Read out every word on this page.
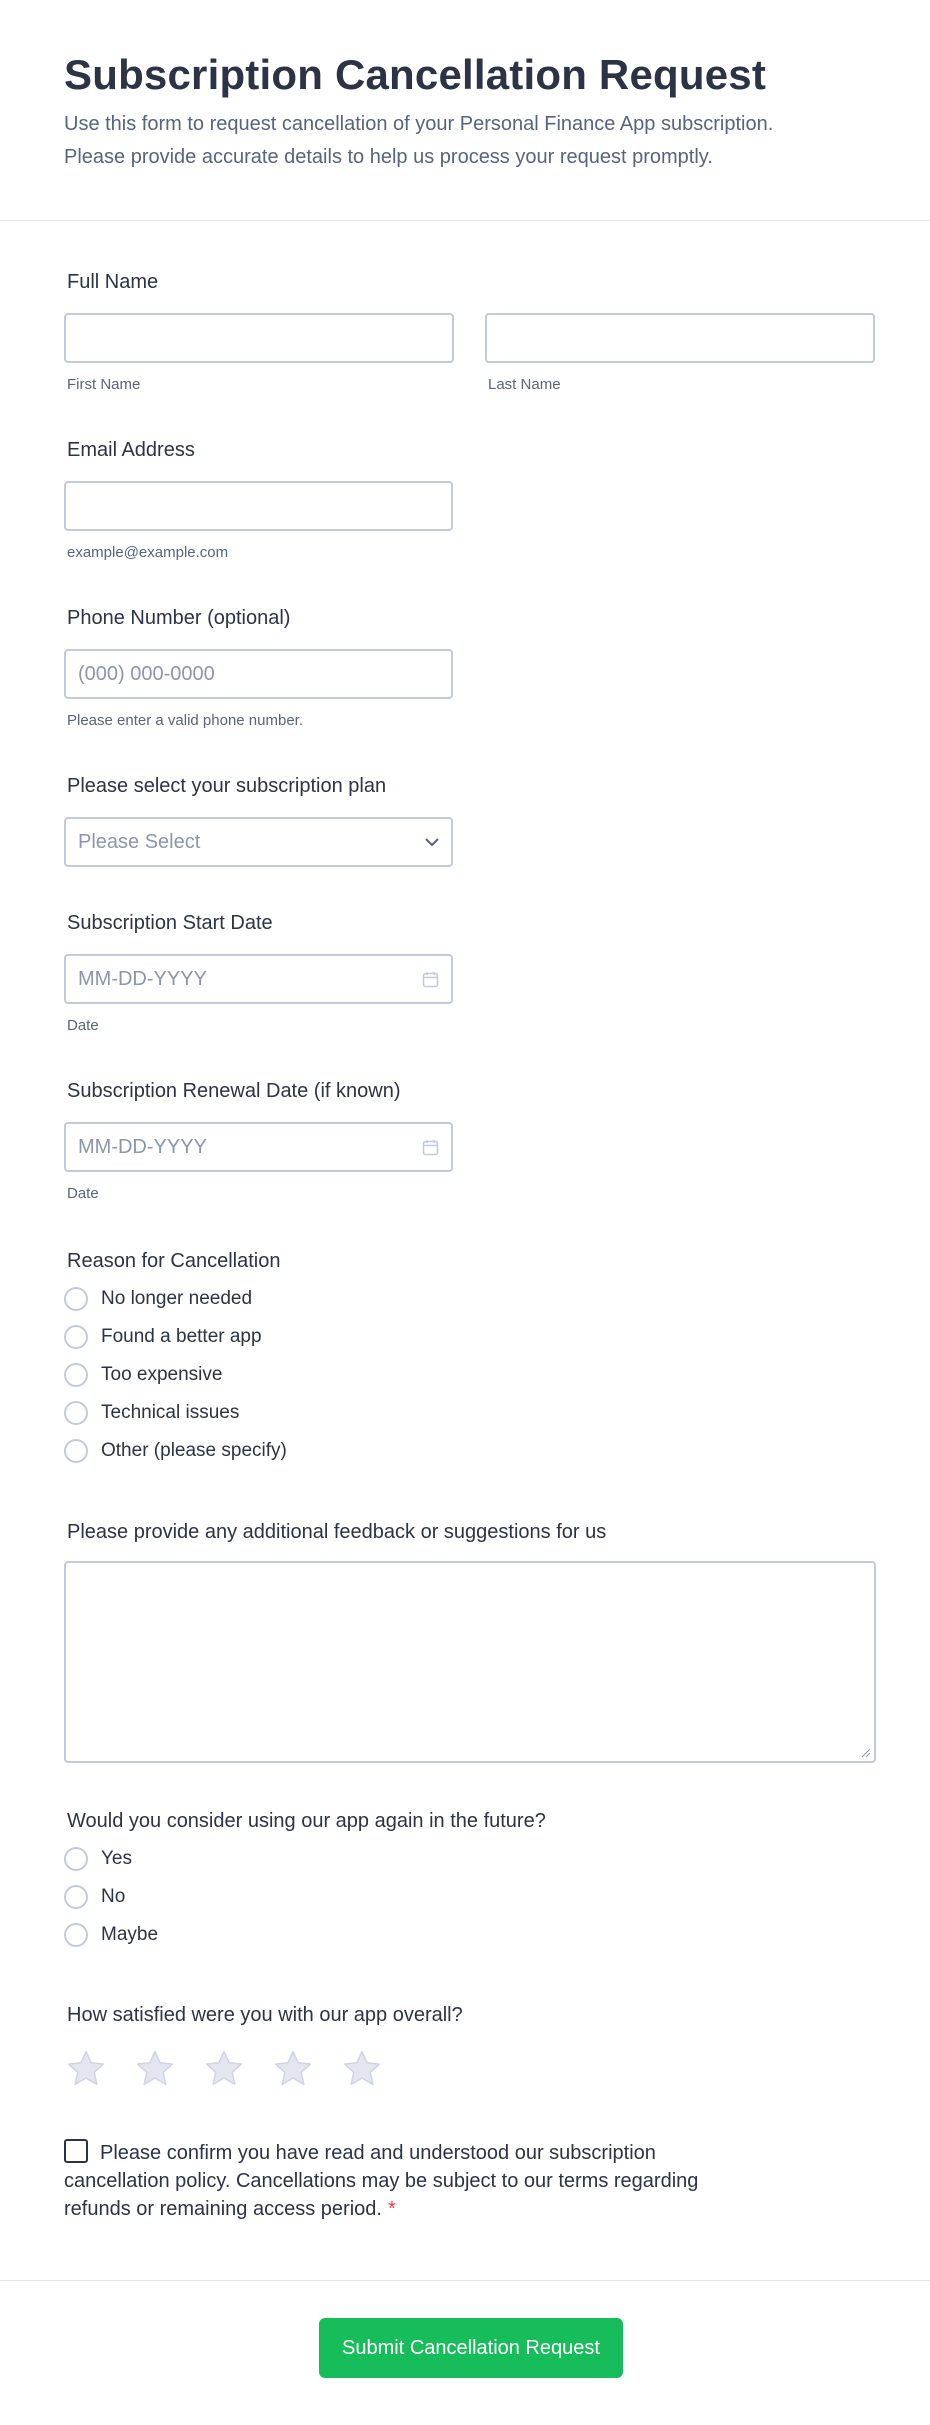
Subscription Cancellation Request

Use this form to request cancellation of your Personal Finance App subscription.
Please provide accurate details to help us process your request promptly.

Full Name
First Name	Last Name
Email Address
example@example.com
Phone Number (optional)
(000) 000-0000
Please enter a valid phone number.
Please select your subscription plan
Please Select
Subscription Start Date
MM-DD-YYYY
Date
Subscription Renewal Date (if known)
MM-DD-YYYY
Date
Reason for Cancellation
No longer needed
Found a better app
Too expensive
Technical issues
Other (please specify)
Please provide any additional feedback or suggestions for us
Would you consider using our app again in the future?
Yes
No
Maybe
How satisfied were you with our app overall?
Please confirm you have read and understood our subscription cancellation policy. Cancellations may be subject to our terms regarding refunds or remaining access period. *
Submit Cancellation Request
